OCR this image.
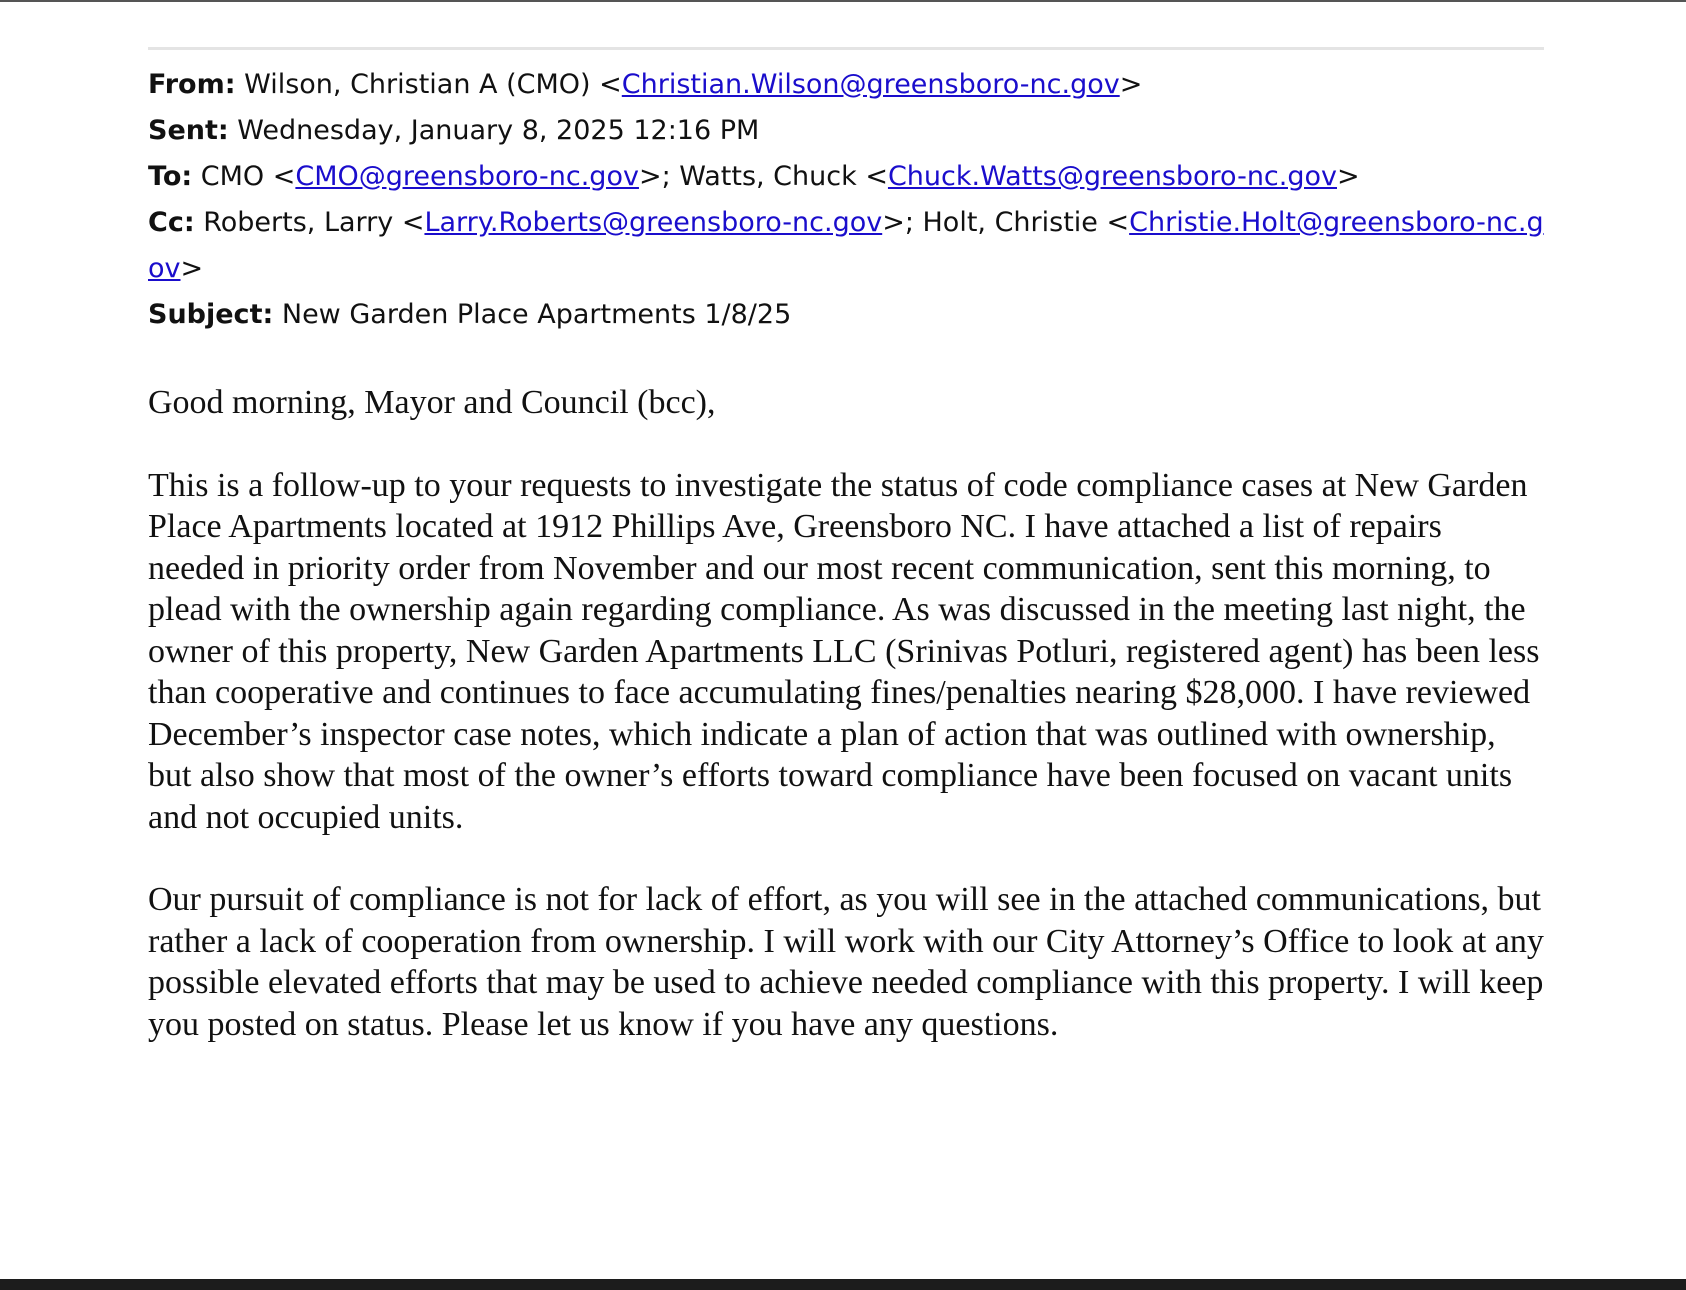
From: Wilson, Christian A (CMO) <Christian.Wilson@greensboro-nc.gov>
Sent: Wednesday, January 8, 2025 12:16 PM
To: CMO <CMO@greensboro-nc.gov>; Watts, Chuck <Chuck.Watts@greensboro-nc.gov>
Cc: Roberts, Larry <Larry.Roberts@greensboro-nc.gov>; Holt, Christie <Christie.Holt@greensboro-nc.gov>
Subject: New Garden Place Apartments 1/8/25

Good morning, Mayor and Council (bcc),

This is a follow-up to your requests to investigate the status of code compliance cases at New Garden Place Apartments located at 1912 Phillips Ave, Greensboro NC. I have attached a list of repairs needed in priority order from November and our most recent communication, sent this morning, to plead with the ownership again regarding compliance. As was discussed in the meeting last night, the owner of this property, New Garden Apartments LLC (Srinivas Potluri, registered agent) has been less than cooperative and continues to face accumulating fines/penalties nearing $28,000. I have reviewed December’s inspector case notes, which indicate a plan of action that was outlined with ownership, but also show that most of the owner’s efforts toward compliance have been focused on vacant units and not occupied units.

Our pursuit of compliance is not for lack of effort, as you will see in the attached communications, but rather a lack of cooperation from ownership. I will work with our City Attorney’s Office to look at any possible elevated efforts that may be used to achieve needed compliance with this property. I will keep you posted on status. Please let us know if you have any questions.
